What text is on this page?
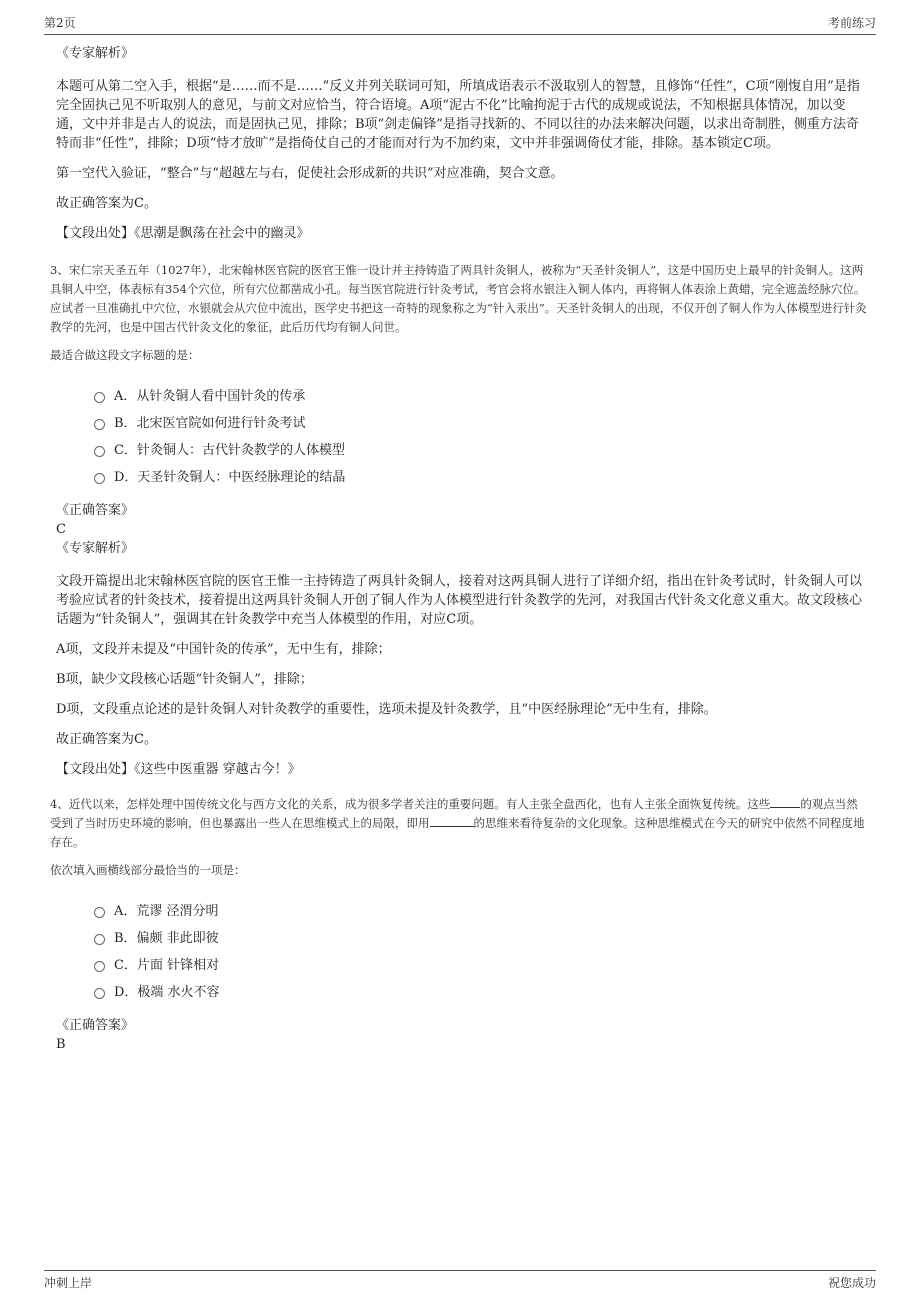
第2页	考前练习

《专家解析》

本题可从第二空入手，根据“是……而不是……”反义并列关联词可知，所填成语表示不汲取别人的智慧，且修饰“任性”，C项“刚愎自用”是指完全固执己见不听取别人的意见，与前文对应恰当，符合语境。A项“泥古不化”比喻拘泥于古代的成规或说法，不知根据具体情况，加以变通，文中并非是古人的说法，而是固执己见，排除；B项“剑走偏锋”是指寻找新的、不同以往的办法来解决问题，以求出奇制胜，侧重方法奇特而非“任性”，排除；D项“恃才放旷”是指倚仗自己的才能而对行为不加约束，文中并非强调倚仗才能，排除。基本锁定C项。

第一空代入验证，“整合”与“超越左与右，促使社会形成新的共识”对应准确，契合文意。

故正确答案为C。

【文段出处】《思潮是飘荡在社会中的幽灵》

3、宋仁宗天圣五年（1027年），北宋翰林医官院的医官王惟一设计并主持铸造了两具针灸铜人，被称为“天圣针灸铜人”，这是中国历史上最早的针灸铜人。这两具铜人中空，体表标有354个穴位，所有穴位都凿成小孔。每当医官院进行针灸考试，考官会将水银注入铜人体内，再将铜人体表涂上黄蜡，完全遮盖经脉穴位。应试者一旦准确扎中穴位，水银就会从穴位中流出，医学史书把这一奇特的现象称之为“针入汞出”。天圣针灸铜人的出现，不仅开创了铜人作为人体模型进行针灸教学的先河，也是中国古代针灸文化的象征，此后历代均有铜人问世。

最适合做这段文字标题的是：

A．从针灸铜人看中国针灸的传承
B．北宋医官院如何进行针灸考试
C．针灸铜人：古代针灸教学的人体模型
D．天圣针灸铜人：中医经脉理论的结晶

《正确答案》

C

《专家解析》

文段开篇提出北宋翰林医官院的医官王惟一主持铸造了两具针灸铜人，接着对这两具铜人进行了详细介绍，指出在针灸考试时，针灸铜人可以考验应试者的针灸技术，接着提出这两具针灸铜人开创了铜人作为人体模型进行针灸教学的先河，对我国古代针灸文化意义重大。故文段核心话题为“针灸铜人”，强调其在针灸教学中充当人体模型的作用，对应C项。

A项，文段并未提及“中国针灸的传承”，无中生有，排除；

B项，缺少文段核心话题“针灸铜人”，排除；

D项，文段重点论述的是针灸铜人对针灸教学的重要性，选项未提及针灸教学，且“中医经脉理论”无中生有，排除。

故正确答案为C。

【文段出处】《这些中医重器 穿越古今！》

4、近代以来，怎样处理中国传统文化与西方文化的关系，成为很多学者关注的重要问题。有人主张全盘西化，也有人主张全面恢复传统。这些	的观点当然受到了当时历史环境的影响，但也暴露出一些人在思维模式上的局限，即用	的思维来看待复杂的文化现象。这种思维模式在今天的研究中依然不同程度地存在。

依次填入画横线部分最恰当的一项是：

A．荒谬 泾渭分明
B．偏颇 非此即彼
C．片面 针锋相对
D．极端 水火不容

《正确答案》

B

冲刺上岸	祝您成功
